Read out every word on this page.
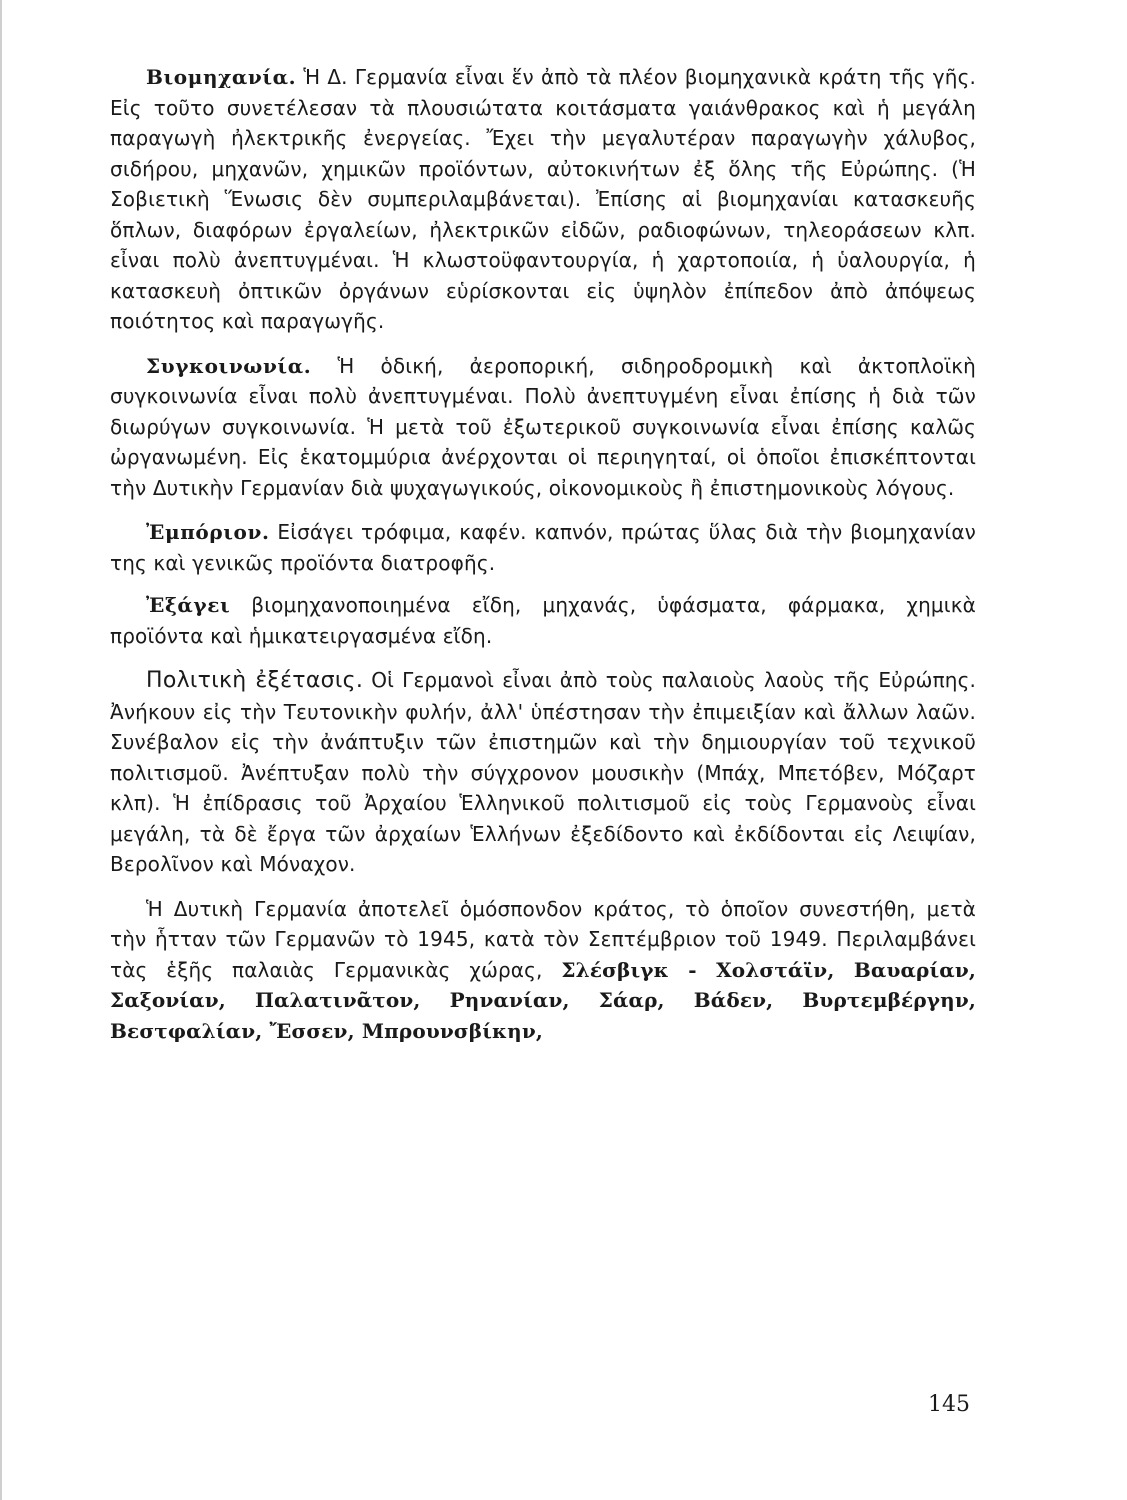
Βιομηχανία. Ἡ Δ. Γερμανία εἶναι ἕν ἀπὸ τὰ πλέον βιομηχανικὰ κράτη τῆς γῆς. Εἰς τοῦτο συνετέλεσαν τὰ πλουσιώτατα κοιτάσματα γαιάνθρακος καὶ ἡ μεγάλη παραγωγὴ ἠλεκτρικῆς ἐνεργείας. Ἔχει τὴν μεγαλυτέραν παραγωγὴν χάλυβος, σιδήρου, μηχανῶν, χημικῶν προϊόντων, αὐτοκινήτων ἐξ ὅλης τῆς Εὐρώπης. (Ἡ Σοβιετικὴ Ἕνωσις δὲν συμπεριλαμβάνεται). Ἐπίσης αἱ βιομηχανίαι κατασκευῆς ὅπλων, διαφόρων ἐργαλείων, ἠλεκτρικῶν εἰδῶν, ραδιοφώνων, τηλεοράσεων κλπ. εἶναι πολὺ ἀνεπτυγμέναι. Ἡ κλωστοϋφαντουργία, ἡ χαρτοποιία, ἡ ὑαλουργία, ἡ κατασκευὴ ὀπτικῶν ὀργάνων εὑρίσκονται εἰς ὑψηλὸν ἐπίπεδον ἀπὸ ἀπόψεως ποιότητος καὶ παραγωγῆς.

Συγκοινωνία. Ἡ ὁδική, ἀεροπορική, σιδηροδρομικὴ καὶ ἀκτοπλοϊκὴ συγκοινωνία εἶναι πολὺ ἀνεπτυγμέναι. Πολὺ ἀνεπτυγμένη εἶναι ἐπίσης ἡ διὰ τῶν διωρύγων συγκοινωνία. Ἡ μετὰ τοῦ ἐξωτερικοῦ συγκοινωνία εἶναι ἐπίσης καλῶς ὠργανωμένη. Εἰς ἑκατομμύρια ἀνέρχονται οἱ περιηγηταί, οἱ ὁποῖοι ἐπισκέπτονται τὴν Δυτικὴν Γερμανίαν διὰ ψυχαγωγικούς, οἰκονομικοὺς ἢ ἐπιστημονικοὺς λόγους.

Ἐμπόριον. Εἰσάγει τρόφιμα, καφέν. καπνόν, πρώτας ὕλας διὰ τὴν βιομηχανίαν της καὶ γενικῶς προϊόντα διατροφῆς.

Ἐξάγει βιομηχανοποιημένα εἴδη, μηχανάς, ὑφάσματα, φάρμακα, χημικὰ προϊόντα καὶ ἡμικατειργασμένα εἴδη.

Πολιτικὴ ἐξέτασις. Οἱ Γερμανοὶ εἶναι ἀπὸ τοὺς παλαιοὺς λαοὺς τῆς Εὐρώπης. Ἀνήκουν εἰς τὴν Τευτονικὴν φυλήν, ἀλλ' ὑπέστησαν τὴν ἐπιμειξίαν καὶ ἄλλων λαῶν. Συνέβαλον εἰς τὴν ἀνάπτυξιν τῶν ἐπιστημῶν καὶ τὴν δημιουργίαν τοῦ τεχνικοῦ πολιτισμοῦ. Ἀνέπτυξαν πολὺ τὴν σύγχρονον μουσικὴν (Μπάχ, Μπετόβεν, Μόζαρτ κλπ). Ἡ ἐπίδρασις τοῦ Ἀρχαίου Ἑλληνικοῦ πολιτισμοῦ εἰς τοὺς Γερμανοὺς εἶναι μεγάλη, τὰ δὲ ἔργα τῶν ἀρχαίων Ἑλλήνων ἐξεδίδοντο καὶ ἐκδίδονται εἰς Λειψίαν, Βερολῖνον καὶ Μόναχον.

Ἡ Δυτικὴ Γερμανία ἀποτελεῖ ὁμόσπονδον κράτος, τὸ ὁποῖον συνεστήθη, μετὰ τὴν ἧτταν τῶν Γερμανῶν τὸ 1945, κατὰ τὸν Σεπτέμβριον τοῦ 1949. Περιλαμβάνει τὰς ἑξῆς παλαιὰς Γερμανικὰς χώρας, Σλέσβιγκ - Χολστάϊν, Βαυαρίαν, Σαξονίαν, Παλατινᾶτον, Ρηνανίαν, Σάαρ, Βάδεν, Βυρτεμβέργην, Βεστφαλίαν, Ἔσσεν, Μπρουνσβίκην,

145
